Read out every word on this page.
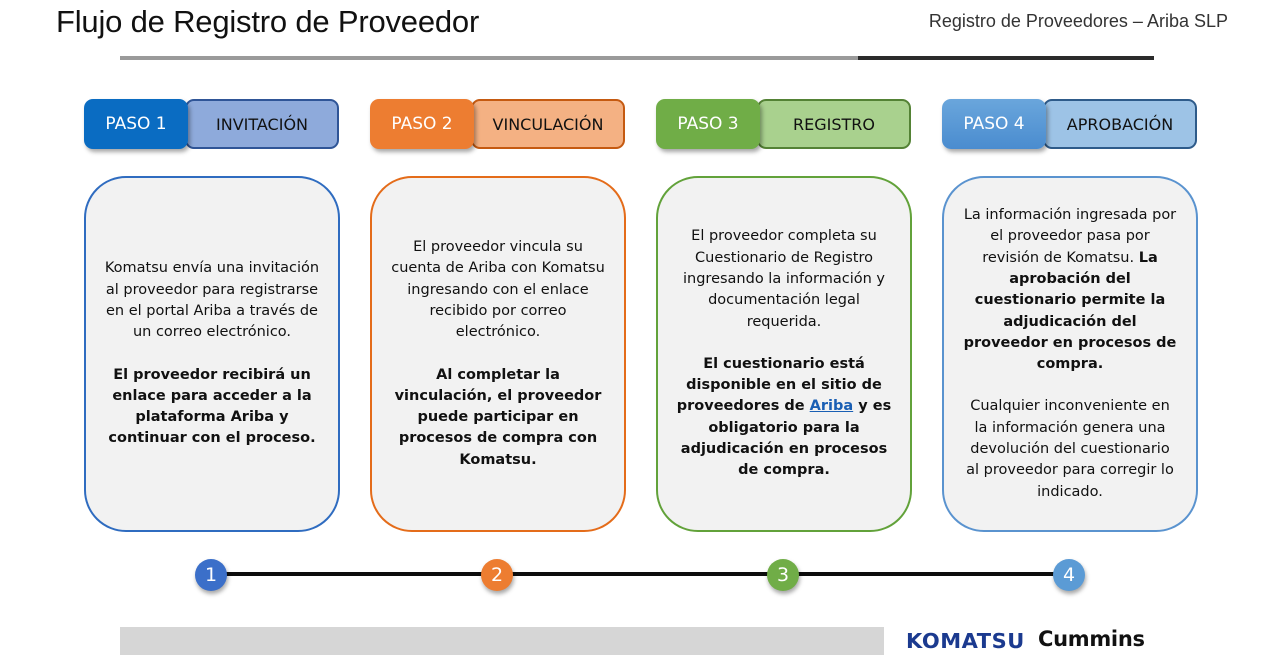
Flujo de Registro de Proveedor	Registro de Proveedores – Ariba SLP
PASO 1	INVITACIÓN	PASO 2	VINCULACIÓN	PASO 3	REGISTRO	PASO 4	APROBACIÓN

Komatsu envía una invitación al proveedor para registrarse en el portal Ariba a través de un correo electrónico.

El proveedor recibirá un enlace para acceder a la plataforma Ariba y continuar con el proceso.

El proveedor vincula su cuenta de Ariba con Komatsu ingresando con el enlace recibido por correo electrónico.

Al completar la vinculación, el proveedor puede participar en procesos de compra con Komatsu.

El proveedor completa su Cuestionario de Registro ingresando la información y documentación legal requerida.

El cuestionario está disponible en el sitio de proveedores de Ariba y es obligatorio para la adjudicación en procesos de compra.

La información ingresada por el proveedor pasa por revisión de Komatsu. La aprobación del cuestionario permite la adjudicación del proveedor en procesos de compra.

Cualquier inconveniente en la información genera una devolución del cuestionario al proveedor para corregir lo indicado.

1	2	3	4
KOMATSU Cummins
